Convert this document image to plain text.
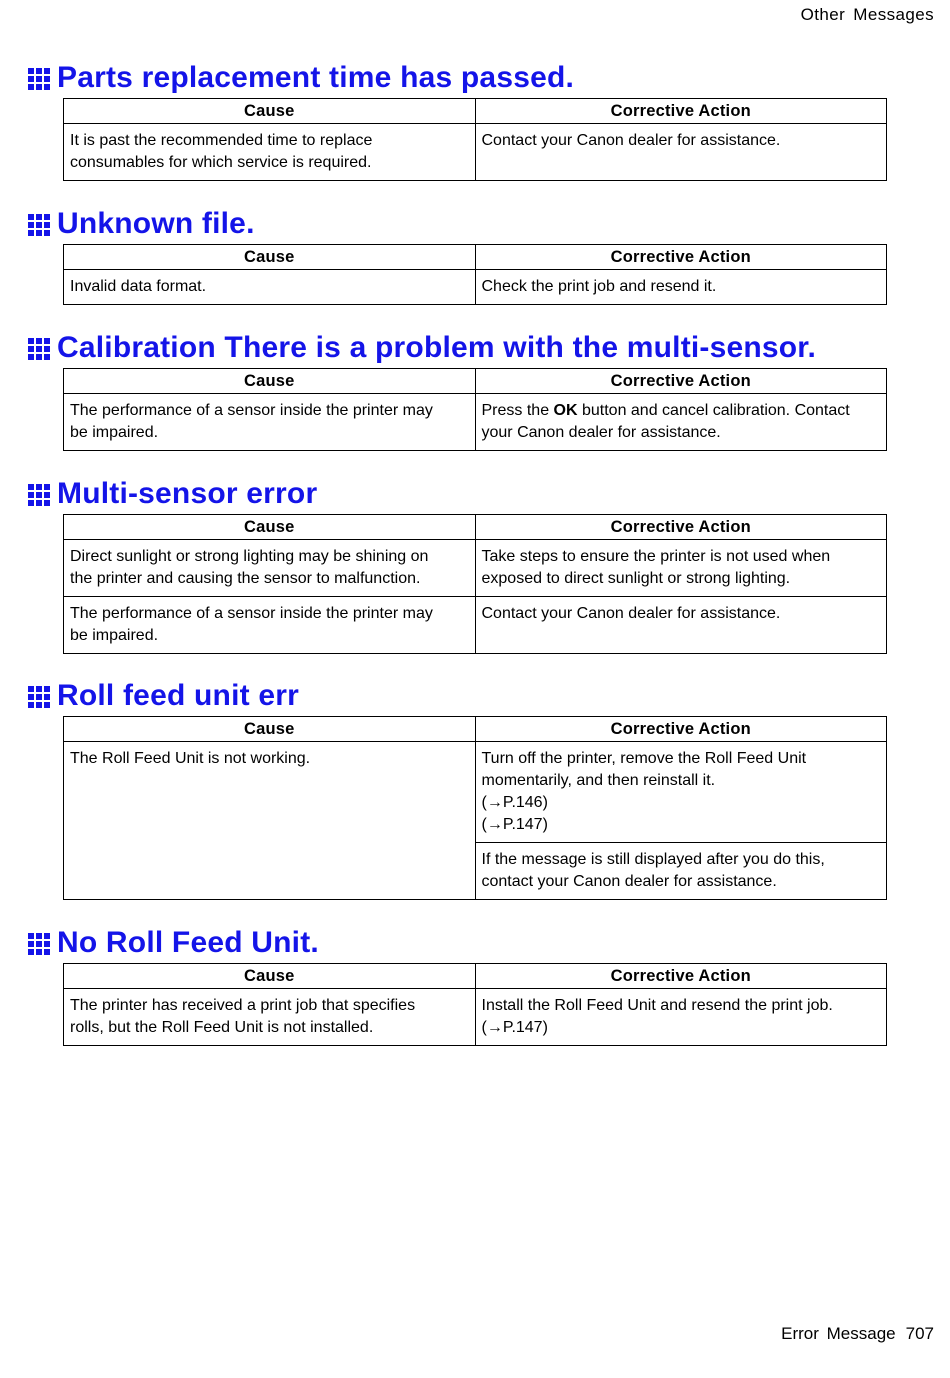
Other Messages
Parts replacement time has passed.
Cause	Corrective Action

It is past the recommended time to replace
consumables for which service is required.	Contact your Canon dealer for assistance.
Unknown file.
Cause	Corrective Action

Invalid data format.	Check the print job and resend it.
Calibration There is a problem with the multi-sensor.
Cause	Corrective Action

The performance of a sensor inside the printer may
be impaired.	Press the OK button and cancel calibration. Contact
your Canon dealer for assistance.
Multi-sensor error
Cause	Corrective Action

Direct sunlight or strong lighting may be shining on
the printer and causing the sensor to malfunction.	Take steps to ensure the printer is not used when
exposed to direct sunlight or strong lighting.

The performance of a sensor inside the printer may
be impaired.	Contact your Canon dealer for assistance.
Roll feed unit err
Cause	Corrective Action

The Roll Feed Unit is not working.	Turn off the printer, remove the Roll Feed Unit
momentarily, and then reinstall it.
(→P.146)
(→P.147)

	If the message is still displayed after you do this,
contact your Canon dealer for assistance.
No Roll Feed Unit.
Cause	Corrective Action

The printer has received a print job that specifies
rolls, but the Roll Feed Unit is not installed.	Install the Roll Feed Unit and resend the print job.
(→P.147)
Error Message 707
